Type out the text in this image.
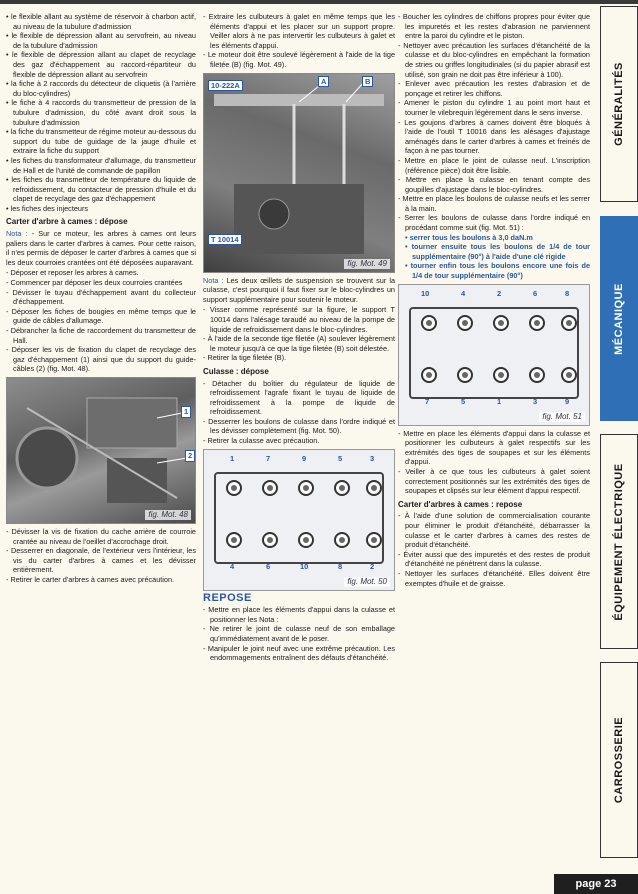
• le flexible allant au système de réservoir à charbon actif, au niveau de la tubulure d'admission

• le flexible de dépression allant au servofrein, au niveau de la tubulure d'admission

• le flexible de dépression allant au clapet de recyclage des gaz d'échappement au raccord-répartiteur du flexible de dépression allant au servofrein

• la fiche à 2 raccords du détecteur de cliquetis (à l'arrière du bloc-cylindres)

• le fiche à 4 raccords du transmetteur de pression de la tubulure d'admission, du côté avant droit sous la tubulure d'admission

• la fiche du transmetteur de régime moteur au-dessous du support du tube de guidage de la jauge d'huile et extraire la fiche du support

• les fiches du transformateur d'allumage, du transmetteur de Hall et de l'unité de commande de papillon

• les fiches du transmetteur de température du liquide de refroidissement, du contacteur de pression d'huile et du clapet de recyclage des gaz d'échappement

• les fiches des injecteurs

Carter d'arbre à cames : dépose

Nota : - Sur ce moteur, les arbres à cames ont leurs paliers dans le carter d'arbres à cames. Pour cette raison, il n'es permis de déposer le carter d'arbres à cames que si les deux courroies crantées ont été déposées auparavant.

- Déposer et reposer les arbres à cames.

- Commencer par déposer les deux courroies crantées

- Dévisser le tuyau d'échappement avant du collecteur d'échappement.

- Déposer les fiches de bougies en même temps que le guide de câbles d'allumage.

- Débrancher la fiche de raccordement du transmetteur de Hall.

- Déposer les vis de fixation du clapet de recyclage des gaz d'échappement (1) ainsi que du support du guide-câbles (2) (fig. Mot. 48).

1
2
fig. Mot. 48

- Dévisser la vis de fixation du cache arrière de courroie crantée au niveau de l'oeillet d'accrochage droit.

- Desserrer en diagonale, de l'extérieur vers l'intérieur, les vis du carter d'arbres à cames et les dévisser entièrement.

- Retirer le carter d'arbres à cames avec précaution.

- Extraire les culbuteurs à galet en même temps que les éléments d'appui et les placer sur un support propre. Veiller alors à ne pas intervertir les culbuteurs à galet et les éléments d'appui.

- Le moteur doit être soulevé légèrement à l'aide de la tige filetée (B) (fig. Mot. 49).

10-222A	A	B
T 10014
fig. Mot. 49

Nota : Les deux œillets de suspension se trouvent sur la culasse, c'est pourquoi il faut fixer sur le bloc-cylindres un support supplémentaire pour soutenir le moteur.

- Visser comme représenté sur la figure, le support T 10014 dans l'alésage taraudé au niveau de la pompe de liquide de refroidissement dans le bloc-cylindres.

- À l'aide de la seconde tige filetée (A) soulever légèrement le moteur jusqu'à ce que la tige filetée (B) soit délestée.

- Retirer la tige filetée (B).

Culasse : dépose

- Détacher du boîtier du régulateur de liquide de refroidissement l'agrafe fixant le tuyau de liquide de refroidissement à la pompe de liquide de refroidissement.

- Desserrer les boulons de culasse dans l'ordre indiqué et les dévisser complètement (fig. Mot. 50).

- Retirer la culasse avec précaution.

1	7	9	5	3
4	6	10	8	2
fig. Mot. 50
REPOSE

- Mettre en place les éléments d'appui dans la culasse et positionner les Nota :

- Ne retirer le joint de culasse neuf de son emballage qu'immédiatement avant de le poser.

- Manipuler le joint neuf avec une extrême précaution. Les endommagements entraînent des défauts d'étanchéité.

- Boucher les cylindres de chiffons propres pour éviter que les impuretés et les restes d'abrasion ne parviennent entre la paroi du cylindre et le piston.

- Nettoyer avec précaution les surfaces d'étanchéité de la culasse et du bloc-cylindres en empêchant la formation de stries ou griffes longitudinales (si du papier abrasif est utilisé, son grain ne doit pas être inférieur à 100).

- Enlever avec précaution les restes d'abrasion et de ponçage et retirer les chiffons.

- Amener le piston du cylindre 1 au point mort haut et tourner le vilebrequin légèrement dans le sens inverse.

- Les goujons d'arbres à cames doivent être bloqués à l'aide de l'outil T 10016 dans les alésages d'ajustage aménagés dans le carter d'arbres à cames et freinés de façon à ne pas tourner.

- Mettre en place le joint de culasse neuf. L'inscription (référence pièce) doit être lisible.

- Mettre en place la culasse en tenant compte des goupilles d'ajustage dans le bloc-cylindres.

- Mettre en place les boulons de culasse neufs et les serrer à la main.

- Serrer les boulons de culasse dans l'ordre indiqué en procédant comme suit (fig. Mot. 51) :

• serrer tous les boulons à 3,0 daN.m

• tourner ensuite tous les boulons de 1/4 de tour supplémentaire (90°) à l'aide d'une clé rigide

• tourner enfin tous les boulons encore une fois de 1/4 de tour supplémentaire (90°)

10	4	2	6	8
7	5	1	3	9
fig. Mot. 51

- Mettre en place les éléments d'appui dans la culasse et positionner les culbuteurs à galet respectifs sur les extrémités des tiges de soupapes et sur les éléments d'appui.

- Veiller à ce que tous les culbuteurs à galet soient correctement positionnés sur les extrémités des tiges de soupapes et clipsés sur leur élément d'appui respectif.

Carter d'arbres à cames : repose

- À l'aide d'une solution de commercialisation courante pour éliminer le produit d'étanchéité, débarrasser la culasse et le carter d'arbres à cames des restes de produit d'étanchéité.

- Éviter aussi que des impuretés et des restes de produit d'étanchéité ne pénètrent dans la culasse.

- Nettoyer les surfaces d'étanchéité. Elles doivent être exemptes d'huile et de graisse.

GÉNÉRALITÉS
MÉCANIQUE
ÉQUIPEMENT ÉLECTRIQUE
CARROSSERIE
page 23
